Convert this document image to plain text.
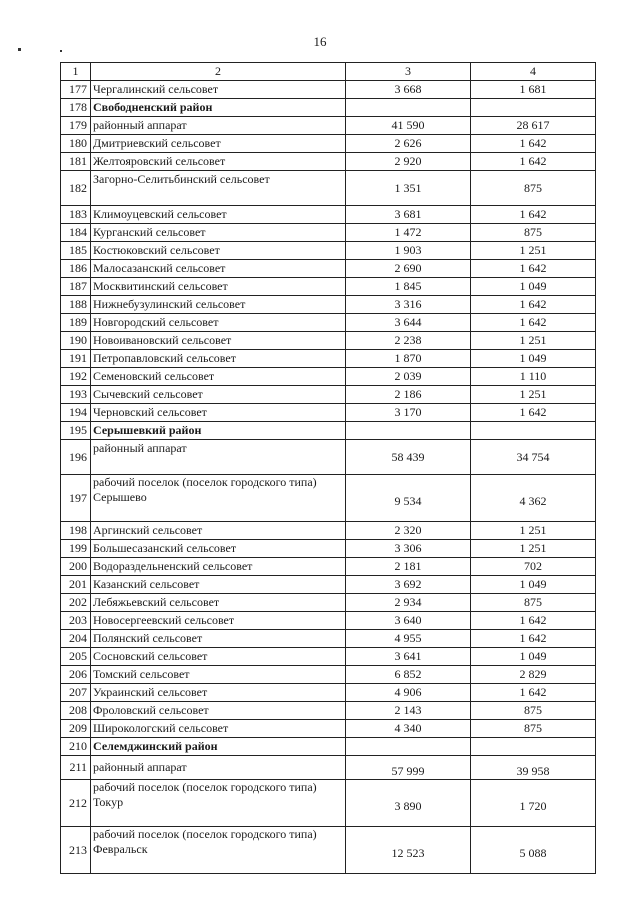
16
1	2	3	4
177	Чергалинский сельсовет	3 668	1 681
178	Свободненский район		
179	районный аппарат	41 590	28 617
180	Дмитриевский сельсовет	2 626	1 642
181	Желтояровский сельсовет	2 920	1 642
182	Загорно-Селитьбинский сельсовет	1 351	875
183	Климоуцевский сельсовет	3 681	1 642
184	Курганский сельсовет	1 472	875
185	Костюковский сельсовет	1 903	1 251
186	Малосазанский сельсовет	2 690	1 642
187	Москвитинский сельсовет	1 845	1 049
188	Нижнебузулинский сельсовет	3 316	1 642
189	Новгородский сельсовет	3 644	1 642
190	Новоивановский сельсовет	2 238	1 251
191	Петропавловский сельсовет	1 870	1 049
192	Семеновский сельсовет	2 039	1 110
193	Сычевский сельсовет	2 186	1 251
194	Черновский сельсовет	3 170	1 642
195	Серышевкий район		
196	районный аппарат	58 439	34 754
197	рабочий поселок (поселок городского типа) Серышево	9 534	4 362
198	Аргинский сельсовет	2 320	1 251
199	Большесазанский сельсовет	3 306	1 251
200	Водораздельненский сельсовет	2 181	702
201	Казанский сельсовет	3 692	1 049
202	Лебяжьевский сельсовет	2 934	875
203	Новосергеевский сельсовет	3 640	1 642
204	Полянский сельсовет	4 955	1 642
205	Сосновский сельсовет	3 641	1 049
206	Томский сельсовет	6 852	2 829
207	Украинский сельсовет	4 906	1 642
208	Фроловский сельсовет	2 143	875
209	Широкологский сельсовет	4 340	875
210	Селемджинский район		
211	районный аппарат	57 999	39 958
212	рабочий поселок (поселок городского типа) Токур	3 890	1 720
213	рабочий поселок (поселок городского типа) Февральск	12 523	5 088
